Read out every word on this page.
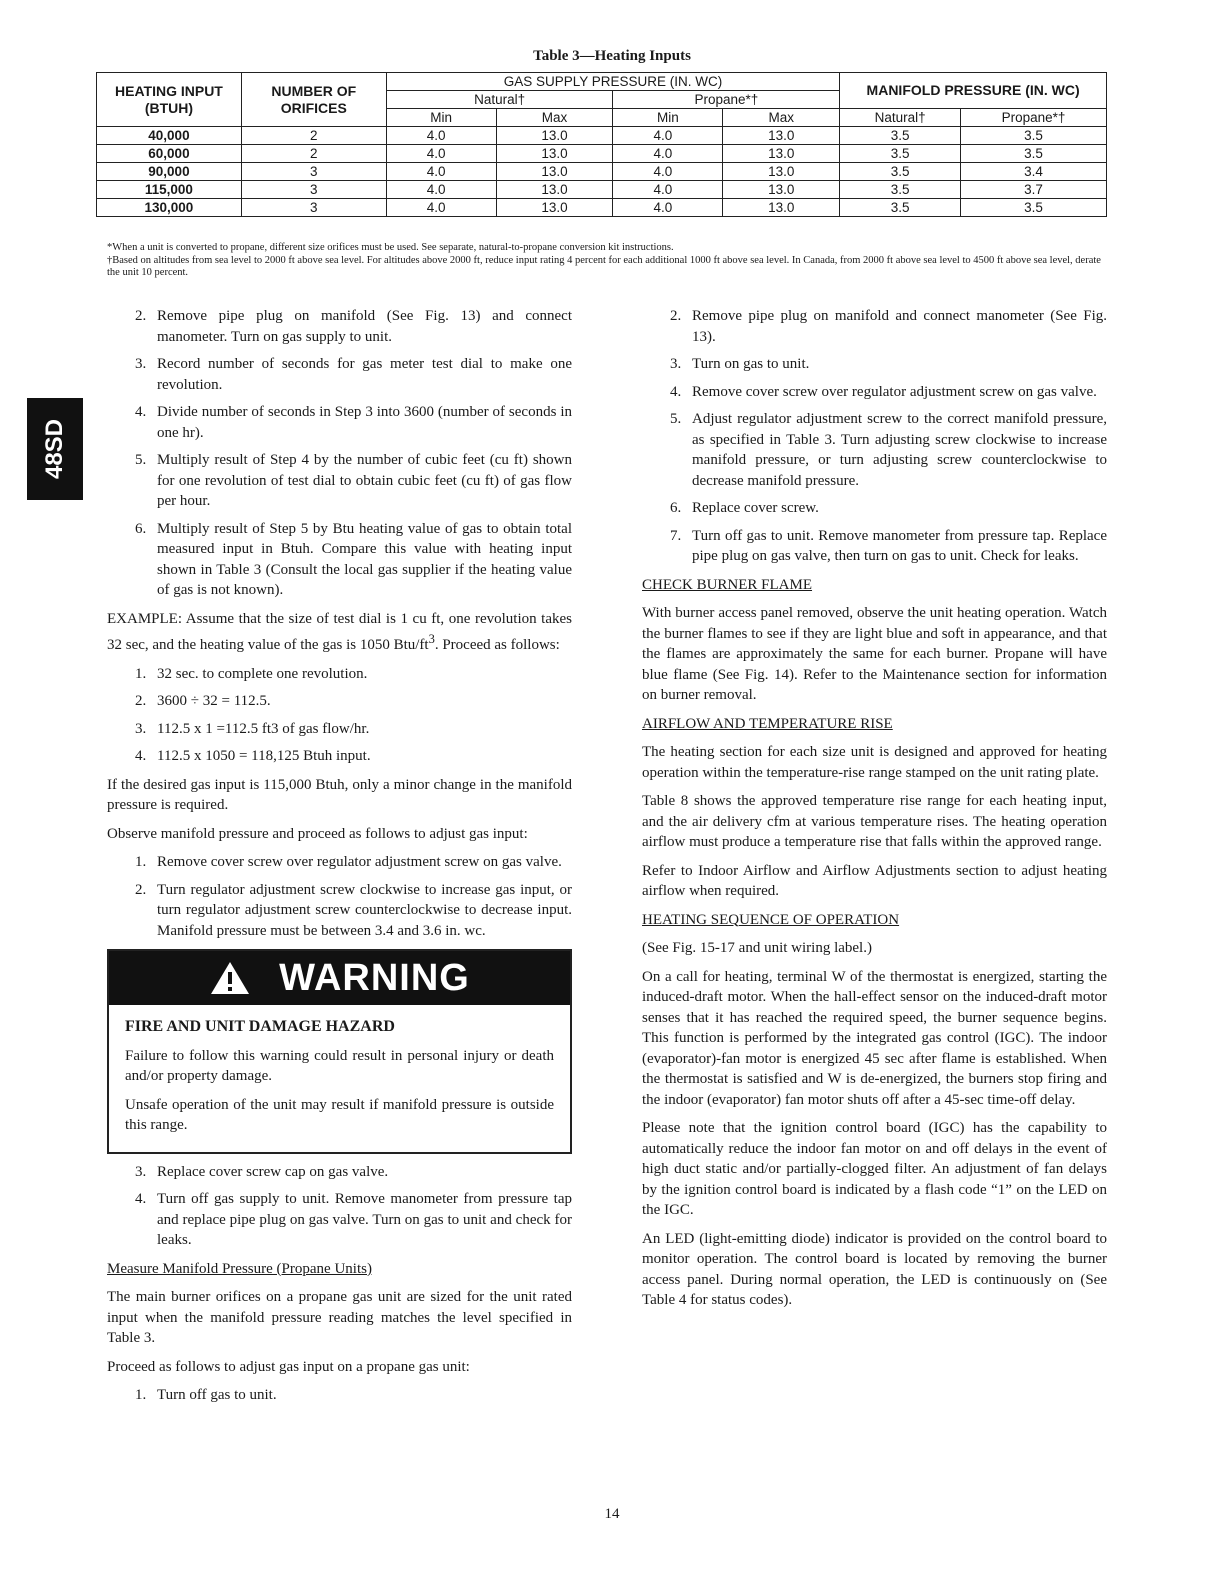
48SD
Table 3—Heating Inputs
HEATING INPUT (BTUH)	NUMBER OF ORIFICES	GAS SUPPLY PRESSURE (IN. WC)				MANIFOLD PRESSURE (IN. WC)	
		Natural†		Propane*†			
		Min	Max	Min	Max	Natural†	Propane*†
40,000	2	4.0	13.0	4.0	13.0	3.5	3.5
60,000	2	4.0	13.0	4.0	13.0	3.5	3.5
90,000	3	4.0	13.0	4.0	13.0	3.5	3.4
115,000	3	4.0	13.0	4.0	13.0	3.5	3.7
130,000	3	4.0	13.0	4.0	13.0	3.5	3.5
*When a unit is converted to propane, different size orifices must be used. See separate, natural-to-propane conversion kit instructions.
†Based on altitudes from sea level to 2000 ft above sea level. For altitudes above 2000 ft, reduce input rating 4 percent for each additional 1000 ft above sea level. In Canada, from 2000 ft above sea level to 4500 ft above sea level, derate the unit 10 percent.
2. Remove pipe plug on manifold (See Fig. 13) and connect manometer. Turn on gas supply to unit.
3. Record number of seconds for gas meter test dial to make one revolution.
4. Divide number of seconds in Step 3 into 3600 (number of seconds in one hr).
5. Multiply result of Step 4 by the number of cubic feet (cu ft) shown for one revolution of test dial to obtain cubic feet (cu ft) of gas flow per hour.
6. Multiply result of Step 5 by Btu heating value of gas to obtain total measured input in Btuh. Compare this value with heating input shown in Table 3 (Consult the local gas supplier if the heating value of gas is not known).

EXAMPLE: Assume that the size of test dial is 1 cu ft, one revolution takes 32 sec, and the heating value of the gas is 1050 Btu/$ft^3$. Proceed as follows:

1. 32 sec. to complete one revolution.
2. 3600 ÷ 32 = 112.5.
3. 112.5 x 1 =112.5 ft3 of gas flow/hr.
4. 112.5 x 1050 = 118,125 Btuh input.

If the desired gas input is 115,000 Btuh, only a minor change in the manifold pressure is required.

Observe manifold pressure and proceed as follows to adjust gas input:

1. Remove cover screw over regulator adjustment screw on gas valve.
2. Turn regulator adjustment screw clockwise to increase gas input, or turn regulator adjustment screw counterclockwise to decrease input. Manifold pressure must be between 3.4 and 3.6 in. wc.
WARNING
FIRE AND UNIT DAMAGE HAZARD

Failure to follow this warning could result in personal injury or death and/or property damage.

Unsafe operation of the unit may result if manifold pressure is outside this range.

3. Replace cover screw cap on gas valve.
4. Turn off gas supply to unit. Remove manometer from pressure tap and replace pipe plug on gas valve. Turn on gas to unit and check for leaks.
Measure Manifold Pressure (Propane Units)

The main burner orifices on a propane gas unit are sized for the unit rated input when the manifold pressure reading matches the level specified in Table 3.

Proceed as follows to adjust gas input on a propane gas unit:

1. Turn off gas to unit.
2. Remove pipe plug on manifold and connect manometer (See Fig. 13).
3. Turn on gas to unit.
4. Remove cover screw over regulator adjustment screw on gas valve.
5. Adjust regulator adjustment screw to the correct manifold pressure, as specified in Table 3. Turn adjusting screw clockwise to increase manifold pressure, or turn adjusting screw counterclockwise to decrease manifold pressure.
6. Replace cover screw.
7. Turn off gas to unit. Remove manometer from pressure tap. Replace pipe plug on gas valve, then turn on gas to unit. Check for leaks.
CHECK BURNER FLAME

With burner access panel removed, observe the unit heating operation. Watch the burner flames to see if they are light blue and soft in appearance, and that the flames are approximately the same for each burner. Propane will have blue flame (See Fig. 14). Refer to the Maintenance section for information on burner removal.

AIRFLOW AND TEMPERATURE RISE

The heating section for each size unit is designed and approved for heating operation within the temperature-rise range stamped on the unit rating plate.

Table 8 shows the approved temperature rise range for each heating input, and the air delivery cfm at various temperature rises. The heating operation airflow must produce a temperature rise that falls within the approved range.

Refer to Indoor Airflow and Airflow Adjustments section to adjust heating airflow when required.

HEATING SEQUENCE OF OPERATION

(See Fig. 15-17 and unit wiring label.)

On a call for heating, terminal W of the thermostat is energized, starting the induced-draft motor. When the hall-effect sensor on the induced-draft motor senses that it has reached the required speed, the burner sequence begins. This function is performed by the integrated gas control (IGC). The indoor (evaporator)-fan motor is energized 45 sec after flame is established. When the thermostat is satisfied and W is de-energized, the burners stop firing and the indoor (evaporator) fan motor shuts off after a 45-sec time-off delay.

Please note that the ignition control board (IGC) has the capability to automatically reduce the indoor fan motor on and off delays in the event of high duct static and/or partially-clogged filter. An adjustment of fan delays by the ignition control board is indicated by a flash code “1” on the LED on the IGC.

An LED (light-emitting diode) indicator is provided on the control board to monitor operation. The control board is located by removing the burner access panel. During normal operation, the LED is continuously on (See Table 4 for status codes).

14
